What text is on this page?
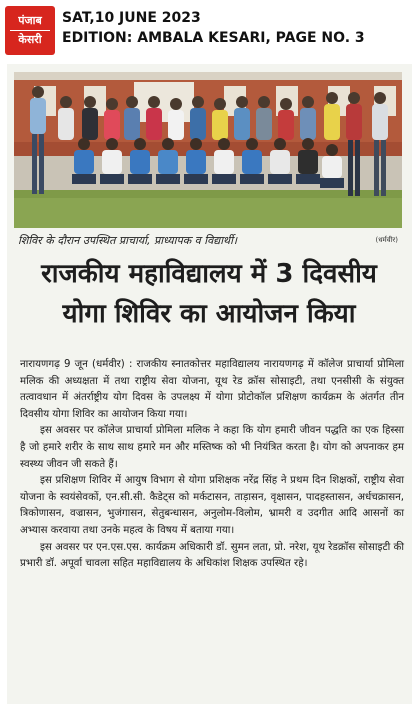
पंजाब
केसरी
SAT,10 JUNE 2023
EDITION: AMBALA KESARI, PAGE NO. 3
शिविर के दौरान उपस्थित प्राचार्या, प्राध्यापक व विद्यार्थी।	(धर्मवीर)
राजकीय महाविद्यालय में 3 दिवसीय
योगा शिविर का आयोजन किया

नारायणगढ़ 9 जून (धर्मवीर) : राजकीय स्नातकोत्तर महाविद्यालय नारायणगढ़ में कॉलेज प्राचार्या प्रोमिला मलिक की अध्यक्षता में तथा राष्ट्रीय सेवा योजना, यूथ रेड क्रॉस सोसाइटी, तथा एनसीसी के संयुक्त तत्वावधान में अंतर्राष्ट्रीय योग दिवस के उपलक्ष्य में योगा प्रोटोकॉल प्रशिक्षण कार्यक्रम के अंतर्गत तीन दिवसीय योगा शिविर का आयोजन किया गया।

इस अवसर पर कॉलेज प्राचार्या प्रोमिला मलिक ने कहा कि योग हमारी जीवन पद्धति का एक हिस्सा है जो हमारे शरीर के साथ साथ हमारे मन और मस्तिष्क को भी नियंत्रित करता है। योग को अपनाकर हम स्वस्थ्य जीवन जी सकते हैं।

इस प्रशिक्षण शिविर में आयुष विभाग से योगा प्रशिक्षक नरेंद्र सिंह ने प्रथम दिन शिक्षकों, राष्ट्रीय सेवा योजना के स्वयंसेवकों, एन.सी.सी. कैडेट्स को मर्कटासन, ताड़ासन, वृक्षासन, पादहस्तासन, अर्धचक्रासन, त्रिकोणासन, वज्रासन, भुजंगासन, सेतुबन्धासन, अनुलोम-विलोम, भ्रामरी व उदगीत आदि आसनों का अभ्यास करवाया तथा उनके महत्व के विषय में बताया गया।

इस अवसर पर एन.एस.एस. कार्यक्रम अधिकारी डॉ. सुमन लता, प्रो. नरेश, यूथ रेडक्रॉस सोसाइटी की प्रभारी डॉ. अपूर्वा चावला सहित महाविद्यालय के अधिकांश शिक्षक उपस्थित रहे।
